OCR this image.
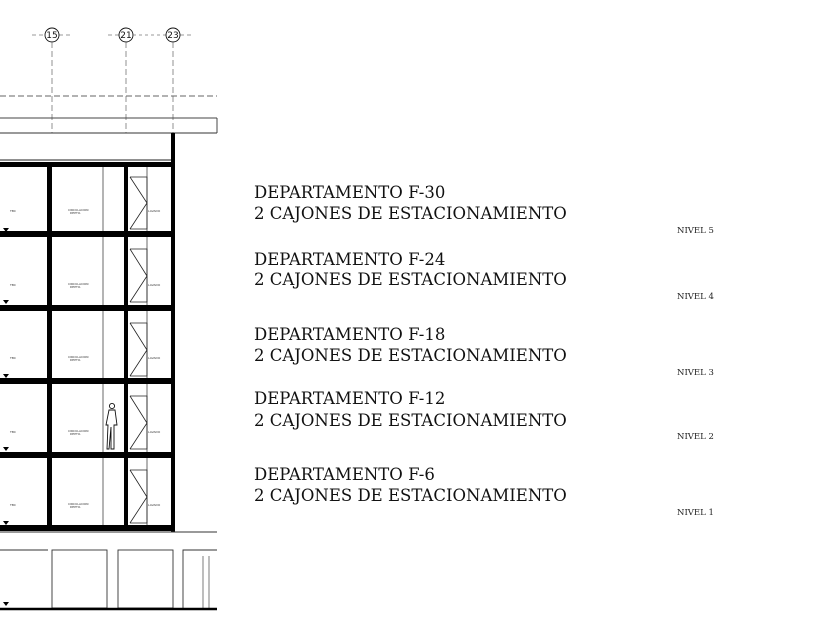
15	21	23
TBC	CIRCULACION
DEPTO.	LAVADO
TBC	CIRCULACION
DEPTO.	LAVADO
TBC	CIRCULACION
DEPTO.	LAVADO
TBC	CIRCULACION
DEPTO.	LAVADO
TBC	CIRCULACION
DEPTO.	LAVADO
DEPARTAMENTO F-30
2 CAJONES DE ESTACIONAMIENTO
NIVEL 5
DEPARTAMENTO F-24
2 CAJONES DE ESTACIONAMIENTO
NIVEL 4
DEPARTAMENTO F-18
2 CAJONES DE ESTACIONAMIENTO
NIVEL 3
DEPARTAMENTO F-12
2 CAJONES DE ESTACIONAMIENTO
NIVEL 2
DEPARTAMENTO F-6
2 CAJONES DE ESTACIONAMIENTO
NIVEL 1
